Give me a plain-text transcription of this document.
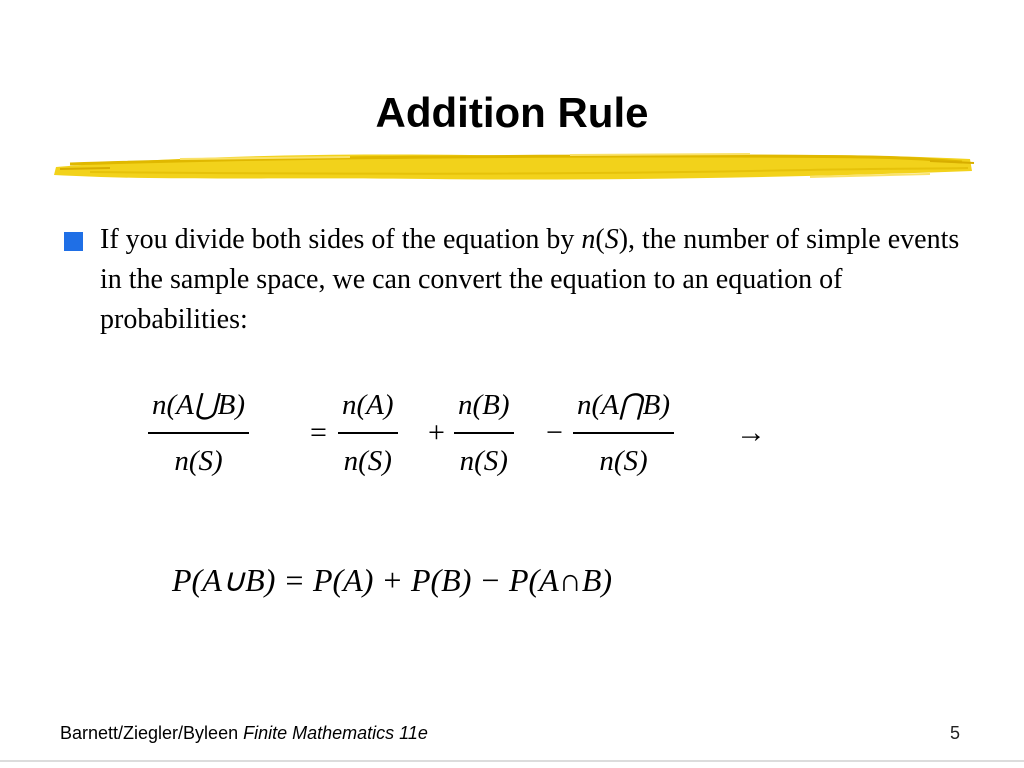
Addition Rule
If you divide both sides of the equation by n(S), the number of simple events in the sample space, we can convert the equation to an equation of probabilities:
n(A⋃B)
n(S)
=
n(A)
n(S)
+
n(B)
n(S)
−
n(A⋂B)
n(S)
→
P(A∪B) = P(A) + P(B) − P(A∩B)
Barnett/Ziegler/Byleen Finite Mathematics 11e	5
